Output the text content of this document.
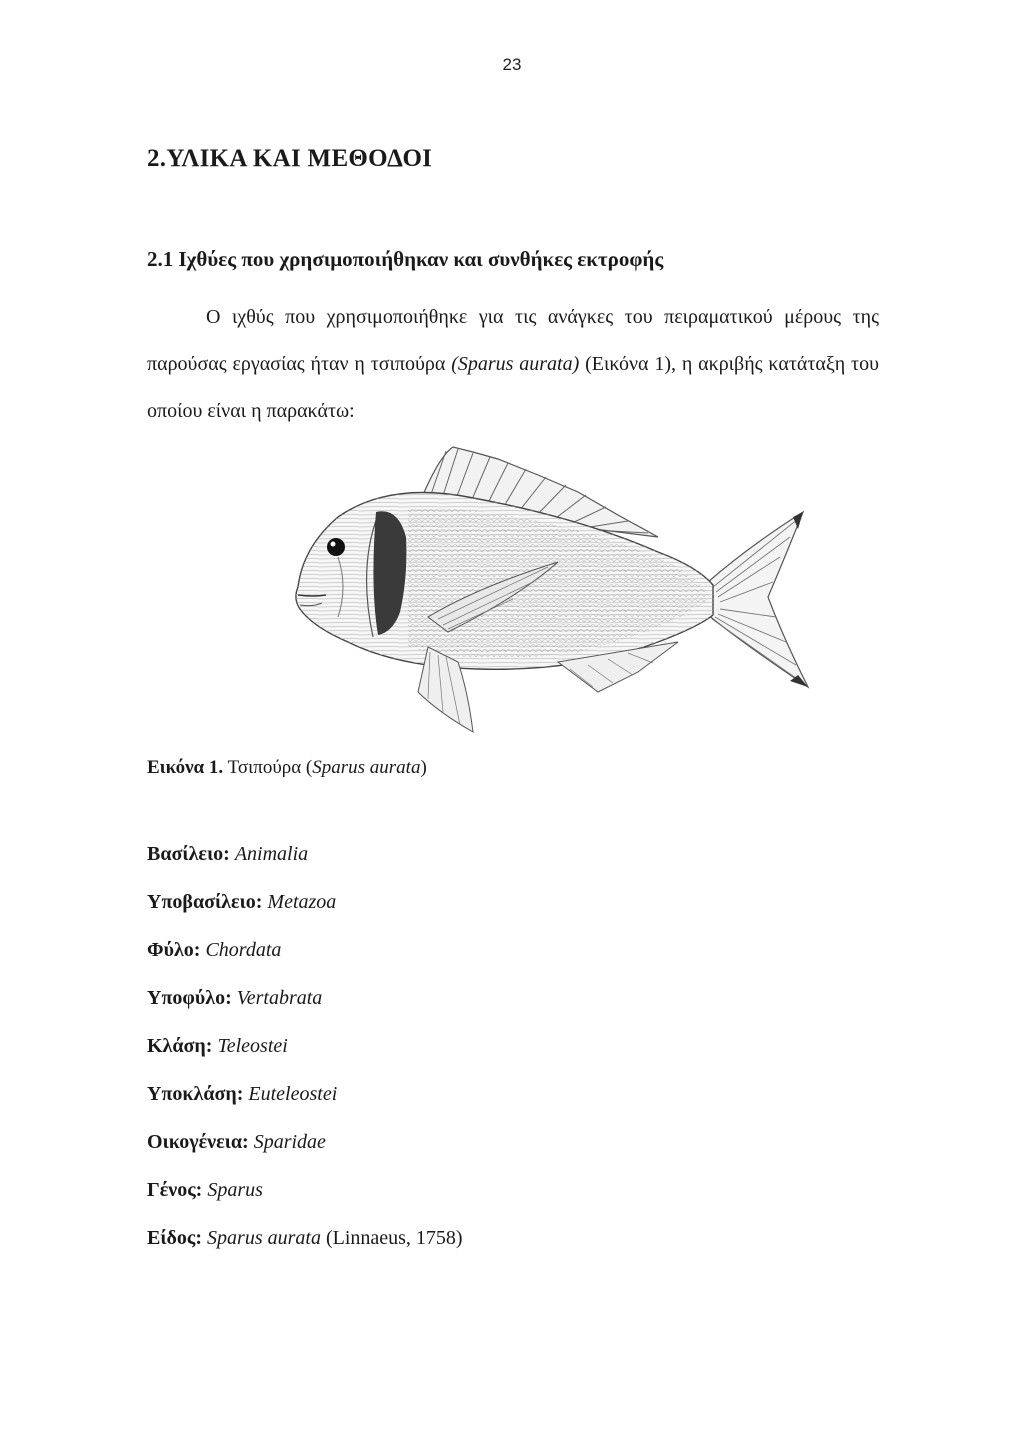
23
2.ΥΛΙΚΑ ΚΑΙ ΜΕΘΟΔΟΙ
2.1 Ιχθύες που χρησιμοποιήθηκαν και συνθήκες εκτροφής

Ο ιχθύς που χρησιμοποιήθηκε για τις ανάγκες του πειραματικού μέρους της παρούσας εργασίας ήταν η τσιπούρα (Sparus aurata) (Εικόνα 1), η ακριβής κατάταξη του οποίου είναι η παρακάτω:

Εικόνα 1. Τσιπούρα (Sparus aurata)

Βασίλειο: Animalia
Υποβασίλειο: Metazoa
Φύλο: Chordata
Υποφύλο: Vertabrata
Κλάση: Teleostei
Υποκλάση: Euteleostei
Οικογένεια: Sparidae
Γένος: Sparus
Είδος: Sparus aurata (Linnaeus, 1758)
